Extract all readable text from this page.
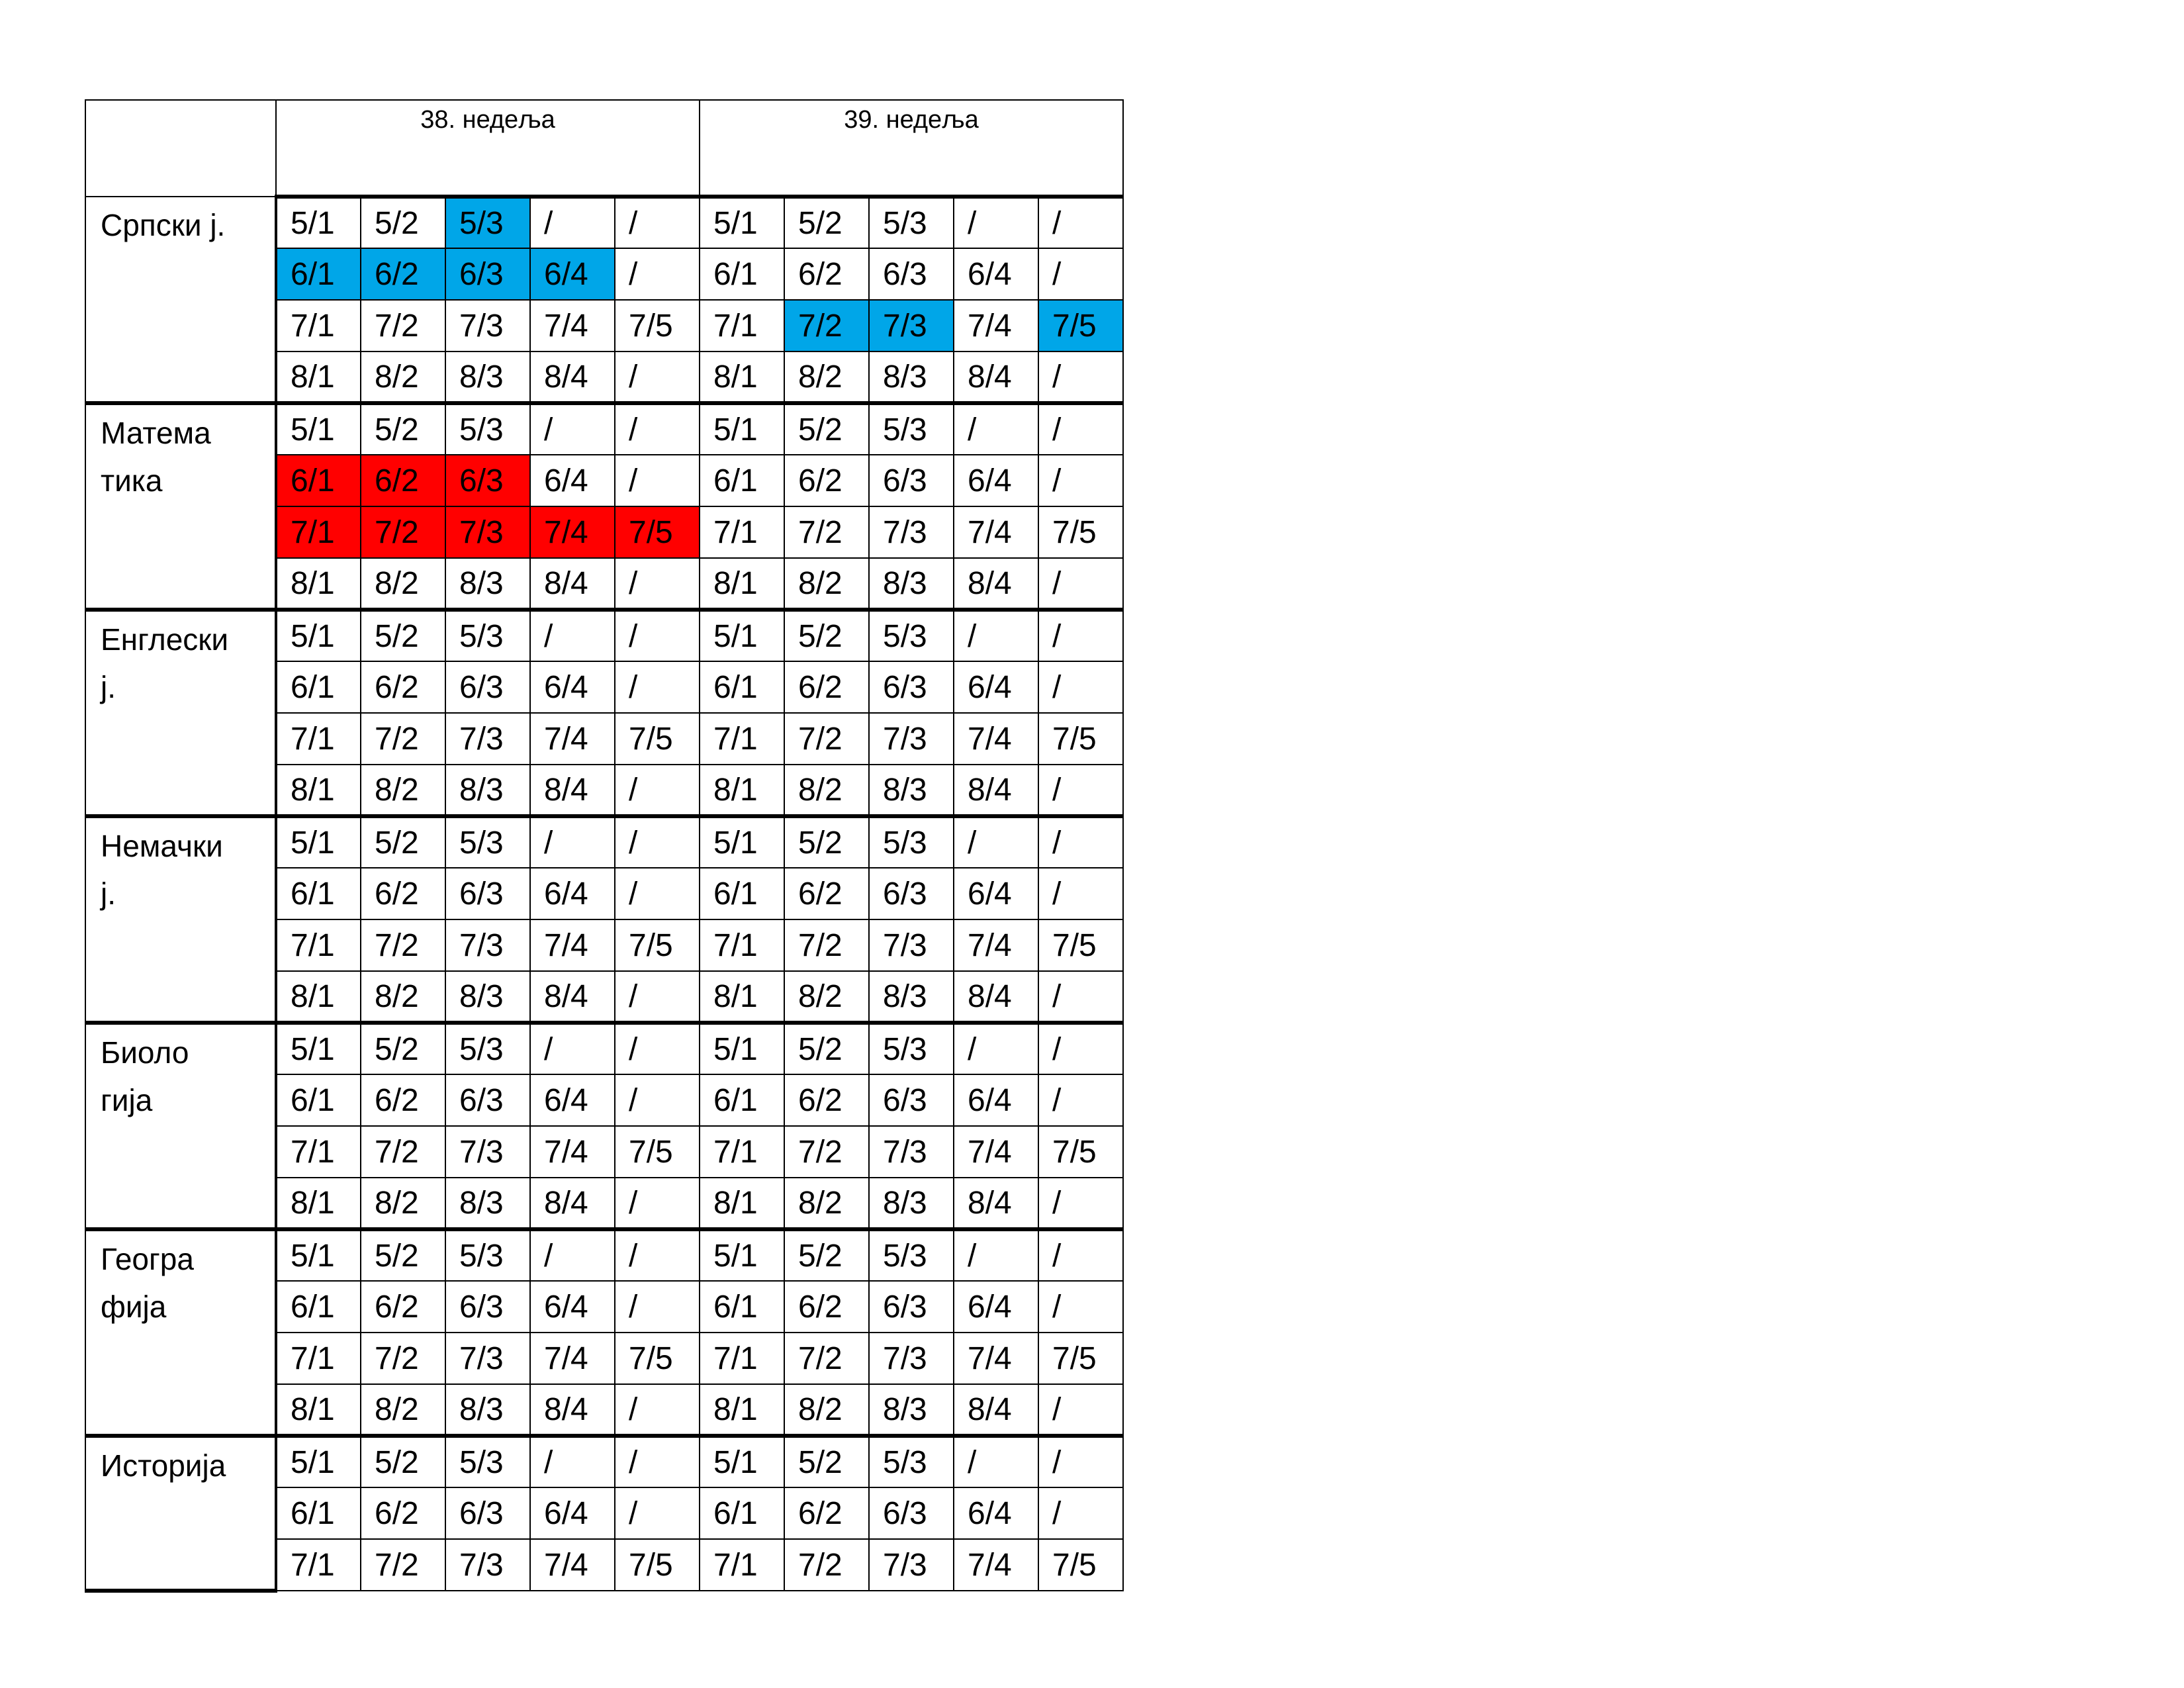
	38. недеља					39. недеља				
Српски ј.	5/1	5/2	5/3	/	/	5/1	5/2	5/3	/	/
	6/1	6/2	6/3	6/4	/	6/1	6/2	6/3	6/4	/
	7/1	7/2	7/3	7/4	7/5	7/1	7/2	7/3	7/4	7/5
	8/1	8/2	8/3	8/4	/	8/1	8/2	8/3	8/4	/
Матема
тика	5/1	5/2	5/3	/	/	5/1	5/2	5/3	/	/
	6/1	6/2	6/3	6/4	/	6/1	6/2	6/3	6/4	/
	7/1	7/2	7/3	7/4	7/5	7/1	7/2	7/3	7/4	7/5
	8/1	8/2	8/3	8/4	/	8/1	8/2	8/3	8/4	/
Енглески
ј.	5/1	5/2	5/3	/	/	5/1	5/2	5/3	/	/
	6/1	6/2	6/3	6/4	/	6/1	6/2	6/3	6/4	/
	7/1	7/2	7/3	7/4	7/5	7/1	7/2	7/3	7/4	7/5
	8/1	8/2	8/3	8/4	/	8/1	8/2	8/3	8/4	/
Немачки
ј.	5/1	5/2	5/3	/	/	5/1	5/2	5/3	/	/
	6/1	6/2	6/3	6/4	/	6/1	6/2	6/3	6/4	/
	7/1	7/2	7/3	7/4	7/5	7/1	7/2	7/3	7/4	7/5
	8/1	8/2	8/3	8/4	/	8/1	8/2	8/3	8/4	/
Биоло
гија	5/1	5/2	5/3	/	/	5/1	5/2	5/3	/	/
	6/1	6/2	6/3	6/4	/	6/1	6/2	6/3	6/4	/
	7/1	7/2	7/3	7/4	7/5	7/1	7/2	7/3	7/4	7/5
	8/1	8/2	8/3	8/4	/	8/1	8/2	8/3	8/4	/
Геогра
фија	5/1	5/2	5/3	/	/	5/1	5/2	5/3	/	/
	6/1	6/2	6/3	6/4	/	6/1	6/2	6/3	6/4	/
	7/1	7/2	7/3	7/4	7/5	7/1	7/2	7/3	7/4	7/5
	8/1	8/2	8/3	8/4	/	8/1	8/2	8/3	8/4	/
Историја	5/1	5/2	5/3	/	/	5/1	5/2	5/3	/	/
	6/1	6/2	6/3	6/4	/	6/1	6/2	6/3	6/4	/
	7/1	7/2	7/3	7/4	7/5	7/1	7/2	7/3	7/4	7/5
